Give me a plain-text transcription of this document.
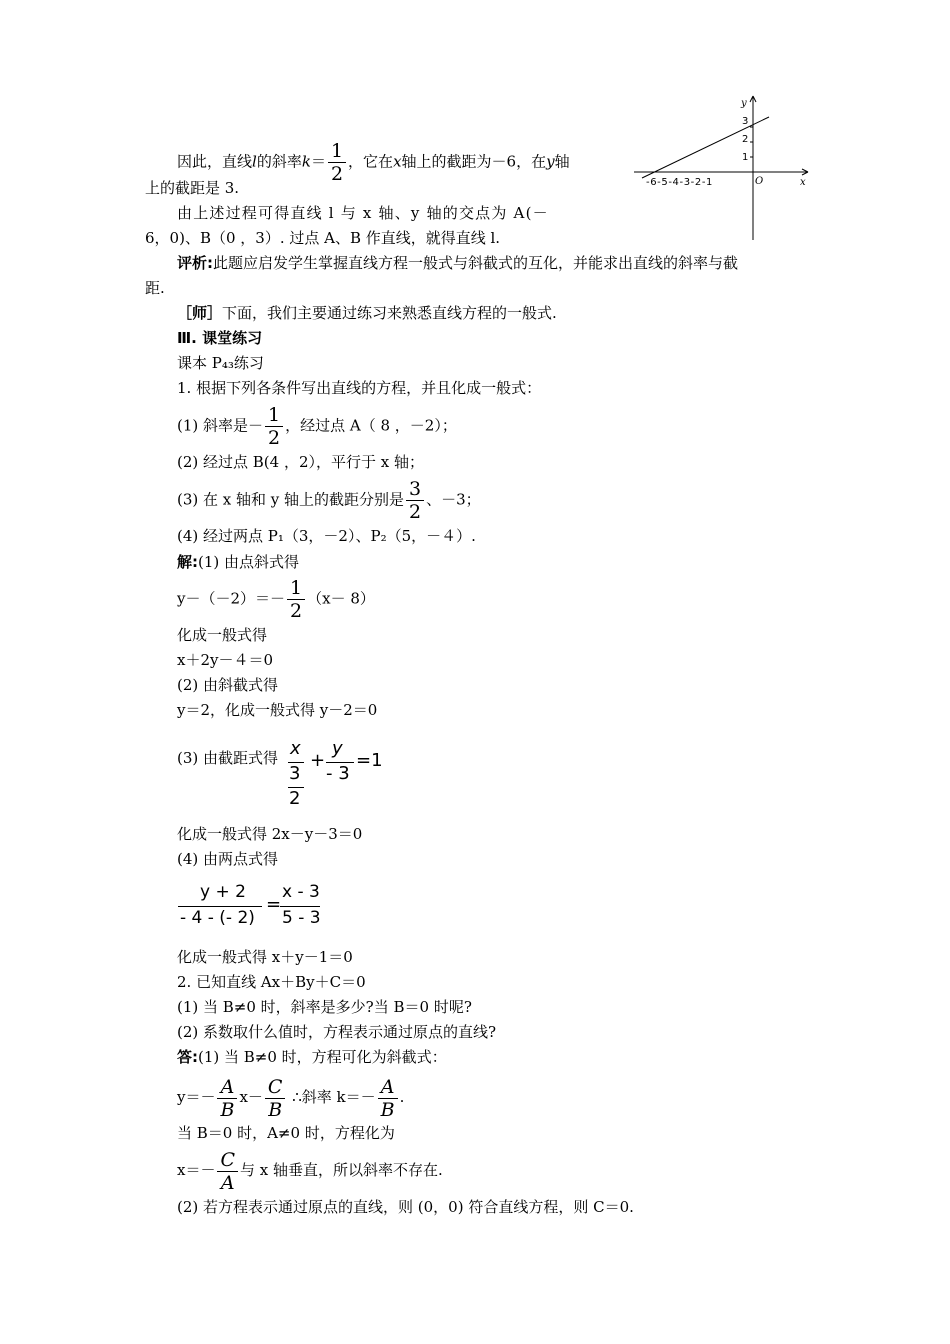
因此，直线l的斜率$k= \frac{1}{2}$ ，它在x轴上的截距为－6，在y轴
上的截距是 3.
由上述过程可得直线 l 与 x 轴、y 轴的交点为 A(－
6，0)、B（0 ，3）. 过点 A、B 作直线，就得直线 l.
评析:此题应启发学生掌握直线方程一般式与斜截式的互化，并能求出直线的斜率与截
距.
［师］下面，我们主要通过练习来熟悉直线方程的一般式.
Ⅲ. 课堂练习
课本 P₄₃练习
y
x
O
3
2
1
-6-5-4-3-2-1
1. 根据下列各条件写出直线的方程，并且化成一般式：
(1) 斜率是－ $\frac{1}{2}$ ，经过点 A（ 8 ，－2）；
(2) 经过点 B(4 ，2），平行于 x 轴；
(3) 在 x 轴和 y 轴上的截距分别是 $\frac{3}{2}$ 、－3；
(4) 经过两点 P₁（3，－2）、P₂（5，－４）.
解:(1) 由点斜式得
$y-(-2)=- \frac{1}{2} (x- 8)$
化成一般式得
x＋2y－４＝0
(2) 由斜截式得
y＝2，化成一般式得 y－2＝0
(3) 由截距式得 x
3
2
+
y
- 3
=1
化成一般式得 2x－y－3＝0
(4) 由两点式得
y + 2
- 4 - (- 2)
=
x - 3
5 - 3
化成一般式得 x＋y－1＝0
2. 已知直线 Ax＋By＋C＝0
(1) 当 B≠0 时，斜率是多少?当 B＝0 时呢?
(2) 系数取什么值时，方程表示通过原点的直线?
答:(1) 当 B≠0 时，方程可化为斜截式：
$y=- \frac{A}{B} x- \frac{C}{B}$ ∴斜率 $k=- \frac{A}{B}$ .
当 B＝0 时，A≠0 时，方程化为
$x=- \frac{C}{A}$ 与 x 轴垂直，所以斜率不存在.
(2) 若方程表示通过原点的直线，则 (0，0) 符合直线方程，则 C＝0.
